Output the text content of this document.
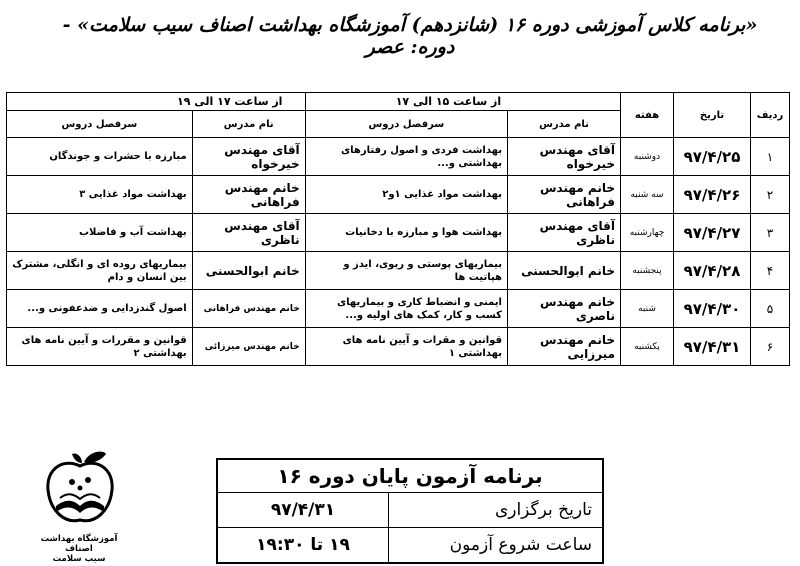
«برنامه کلاس آموزشی دوره ۱۶ (شانزدهم) آموزشگاه بهداشت اصناف سیب سلامت» - دوره: عصر
ردیف	تاریخ	هفته	از ساعت ۱۵ الی ۱۷		از ساعت ۱۷ الی ۱۹	
			نام مدرس	سرفصل دروس	نام مدرس	سرفصل دروس
۱	۹۷/۴/۲۵	دوشنبه	آقای مهندس خیرخواه	بهداشت فردی و اصول رفتارهای بهداشتی و...	آقای مهندس خیرخواه	مبارزه با حشرات و جوندگان
۲	۹۷/۴/۲۶	سه شنبه	خانم مهندس فراهانی	بهداشت مواد غذایی ۱و۲	خانم مهندس فراهانی	بهداشت مواد غذایی ۳
۳	۹۷/۴/۲۷	چهارشنبه	آقای مهندس ناظری	بهداشت هوا و مبارزه با دخانیات	آقای مهندس ناظری	بهداشت آب و فاضلاب
۴	۹۷/۴/۲۸	پنجشنبه	خانم ابوالحسنی	بیماریهای پوستی و ریوی، ایدز و هپاتیت ها	خانم ابوالحسنی	بیماریهای روده ای و انگلی، مشترک بین انسان و دام
۵	۹۷/۴/۳۰	شنبه	خانم مهندس ناصری	ایمنی و انضباط کاری و بیماریهای کسب و کار، کمک های اولیه و...	خانم مهندس فراهانی	اصول گندزدایی و ضدعفونی و...
۶	۹۷/۴/۳۱	یکشنبه	خانم مهندس میرزایی	قوانین و مقرات و آیین نامه های بهداشتی ۱	خانم مهندس میرزائی	قوانین و مقررات و آیین نامه های بهداشتی ۲
آموزشگاه بهداشت اصناف
سیب سلامت
برنامه آزمون پایان دوره ۱۶
تاریخ برگزاری
۹۷/۴/۳۱
ساعت شروع آزمون
۱۹ تا ۱۹:۳۰
